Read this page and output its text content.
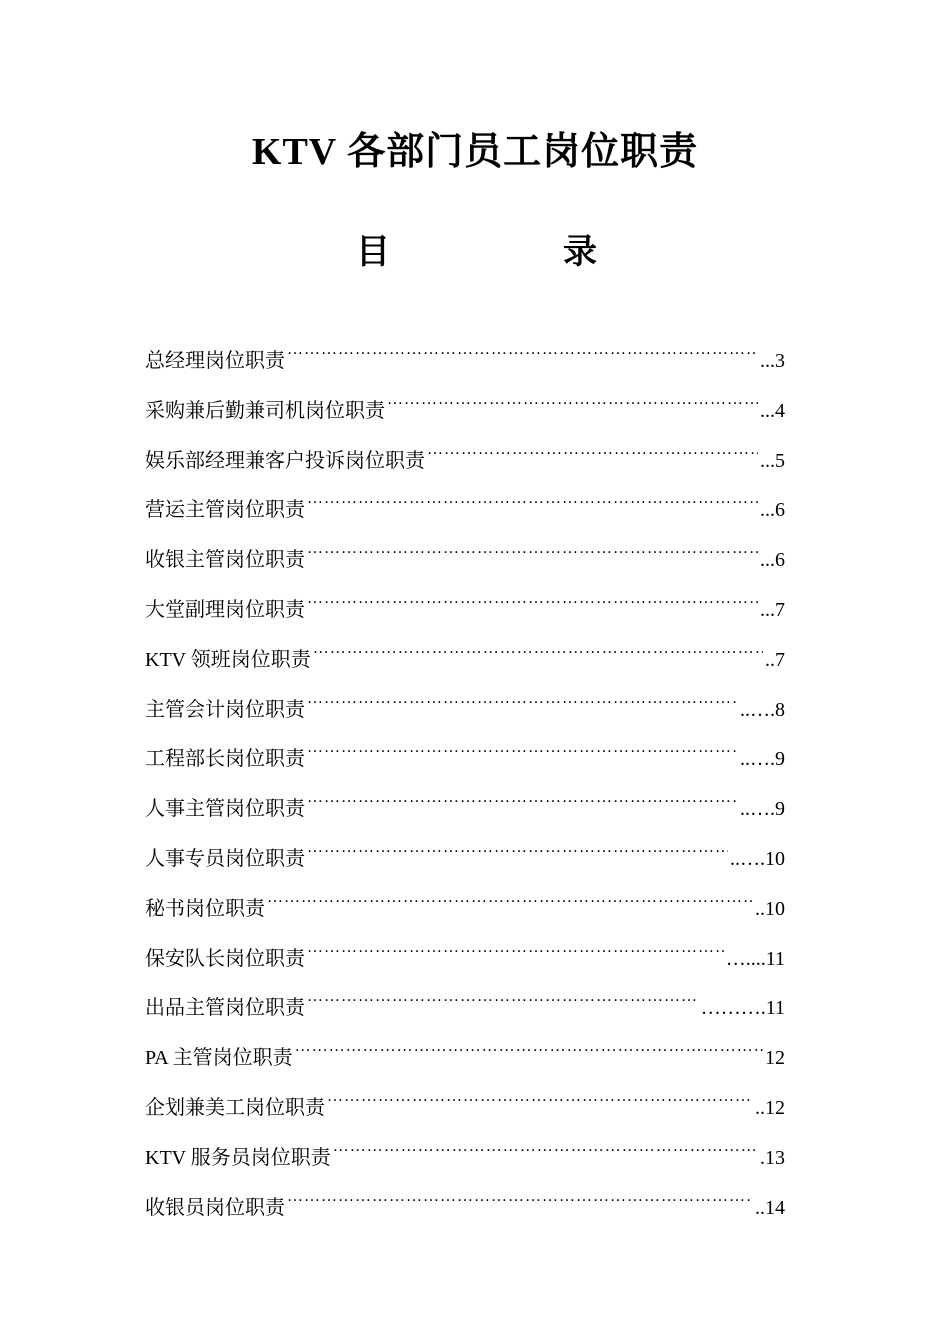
KTV 各部门员工岗位职责
目	录
总经理岗位职责 ……………………………………………………………………………………………………………………………………………………………………	...3
采购兼后勤兼司机岗位职责 ……………………………………………………………………………………………………………………………………………………………………	...4
娱乐部经理兼客户投诉岗位职责 ……………………………………………………………………………………………………………………………………………………………………	...5
营运主管岗位职责 ……………………………………………………………………………………………………………………………………………………………………	...6
收银主管岗位职责 ……………………………………………………………………………………………………………………………………………………………………	...6
大堂副理岗位职责 ……………………………………………………………………………………………………………………………………………………………………	...7
KTV 领班岗位职责 ……………………………………………………………………………………………………………………………………………………………………	..7
主管会计岗位职责 ……………………………………………………………………………………………………………………………………………………………………	..….8
工程部长岗位职责 ……………………………………………………………………………………………………………………………………………………………………	..….9
人事主管岗位职责 ……………………………………………………………………………………………………………………………………………………………………	..….9
人事专员岗位职责 ……………………………………………………………………………………………………………………………………………………………………	..….10
秘书岗位职责 ……………………………………………………………………………………………………………………………………………………………………	..10
保安队长岗位职责 ……………………………………………………………………………………………………………………………………………………………………	…....11
出品主管岗位职责 ……………………………………………………………………………………………………………………………………………………………………	……….11
PA 主管岗位职责 ……………………………………………………………………………………………………………………………………………………………………	12
企划兼美工岗位职责 ……………………………………………………………………………………………………………………………………………………………………	..12
KTV 服务员岗位职责 ……………………………………………………………………………………………………………………………………………………………………	.13
收银员岗位职责 ……………………………………………………………………………………………………………………………………………………………………	..14
